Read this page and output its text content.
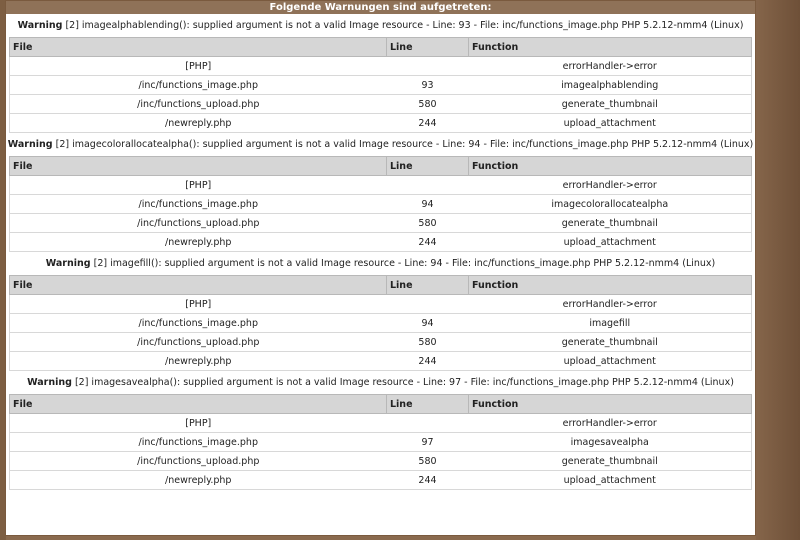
Folgende Warnungen sind aufgetreten:
Warning [2] imagealphablending(): supplied argument is not a valid Image resource - Line: 93 - File: inc/functions_image.php PHP 5.2.12-nmm4 (Linux)
File	Line	Function
[PHP]		errorHandler->error
/inc/functions_image.php	93	imagealphablending
/inc/functions_upload.php	580	generate_thumbnail
/newreply.php	244	upload_attachment
Warning [2] imagecolorallocatealpha(): supplied argument is not a valid Image resource - Line: 94 - File: inc/functions_image.php PHP 5.2.12-nmm4 (Linux)
File	Line	Function
[PHP]		errorHandler->error
/inc/functions_image.php	94	imagecolorallocatealpha
/inc/functions_upload.php	580	generate_thumbnail
/newreply.php	244	upload_attachment
Warning [2] imagefill(): supplied argument is not a valid Image resource - Line: 94 - File: inc/functions_image.php PHP 5.2.12-nmm4 (Linux)
File	Line	Function
[PHP]		errorHandler->error
/inc/functions_image.php	94	imagefill
/inc/functions_upload.php	580	generate_thumbnail
/newreply.php	244	upload_attachment
Warning [2] imagesavealpha(): supplied argument is not a valid Image resource - Line: 97 - File: inc/functions_image.php PHP 5.2.12-nmm4 (Linux)
File	Line	Function
[PHP]		errorHandler->error
/inc/functions_image.php	97	imagesavealpha
/inc/functions_upload.php	580	generate_thumbnail
/newreply.php	244	upload_attachment
